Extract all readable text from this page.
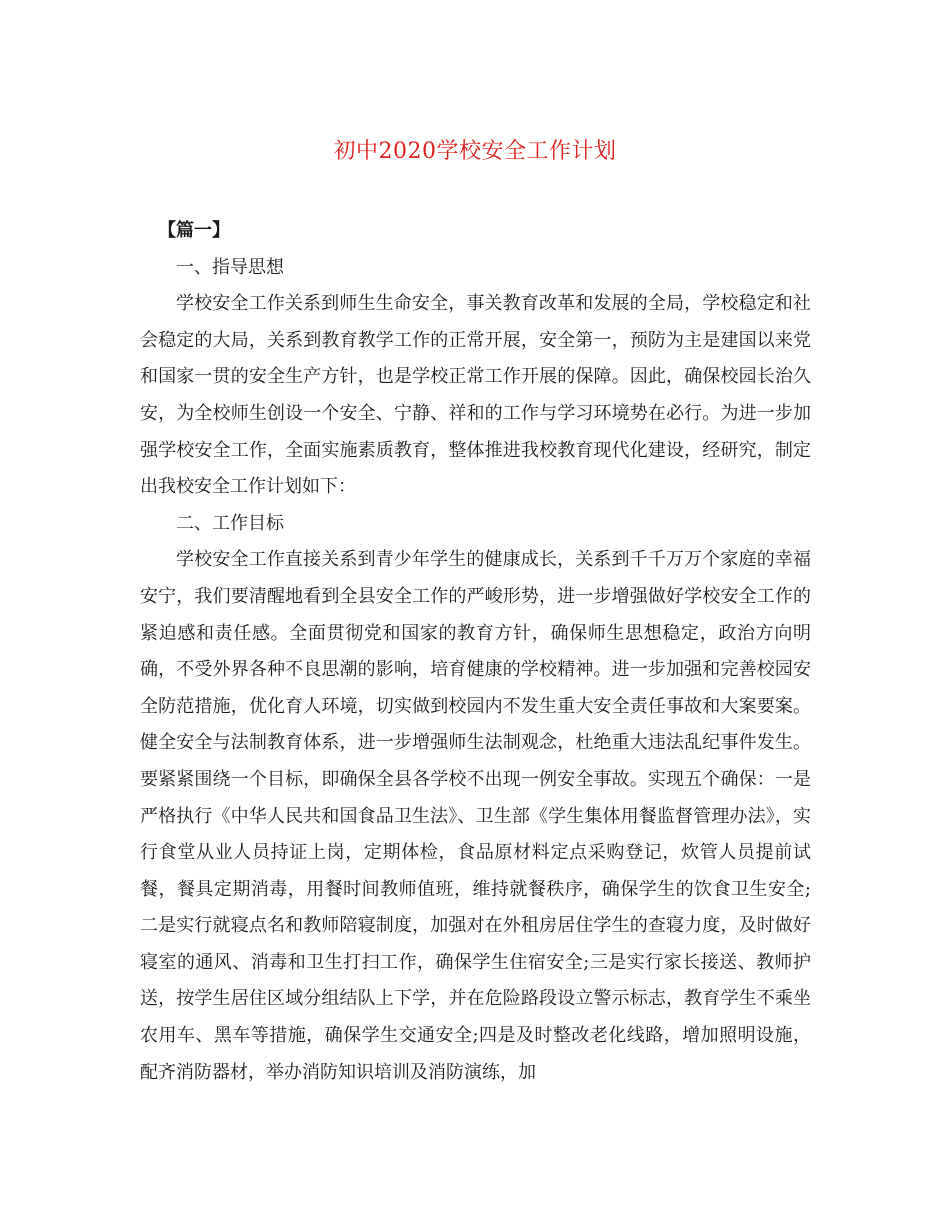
初中2020学校安全工作计划

【篇一】

一、指导思想

学校安全工作关系到师生生命安全，事关教育改革和发展的全局，学校稳定和社会稳定的大局，关系到教育教学工作的正常开展，安全第一，预防为主是建国以来党和国家一贯的安全生产方针，也是学校正常工作开展的保障。因此，确保校园长治久安，为全校师生创设一个安全、宁静、祥和的工作与学习环境势在必行。为进一步加强学校安全工作，全面实施素质教育，整体推进我校教育现代化建设，经研究，制定出我校安全工作计划如下：

二、工作目标

学校安全工作直接关系到青少年学生的健康成长，关系到千千万万个家庭的幸福安宁，我们要清醒地看到全县安全工作的严峻形势，进一步增强做好学校安全工作的紧迫感和责任感。全面贯彻党和国家的教育方针，确保师生思想稳定，政治方向明确，不受外界各种不良思潮的影响，培育健康的学校精神。进一步加强和完善校园安全防范措施，优化育人环境，切实做到校园内不发生重大安全责任事故和大案要案。健全安全与法制教育体系，进一步增强师生法制观念，杜绝重大违法乱纪事件发生。要紧紧围绕一个目标，即确保全县各学校不出现一例安全事故。实现五个确保：一是严格执行《中华人民共和国食品卫生法》、卫生部《学生集体用餐监督管理办法》，实行食堂从业人员持证上岗，定期体检，食品原材料定点采购登记，炊管人员提前试餐，餐具定期消毒，用餐时间教师值班，维持就餐秩序，确保学生的饮食卫生安全;二是实行就寝点名和教师陪寝制度，加强对在外租房居住学生的查寝力度，及时做好寝室的通风、消毒和卫生打扫工作，确保学生住宿安全;三是实行家长接送、教师护送，按学生居住区域分组结队上下学，并在危险路段设立警示标志，教育学生不乘坐农用车、黑车等措施，确保学生交通安全;四是及时整改老化线路，增加照明设施，配齐消防器材，举办消防知识培训及消防演练，加
